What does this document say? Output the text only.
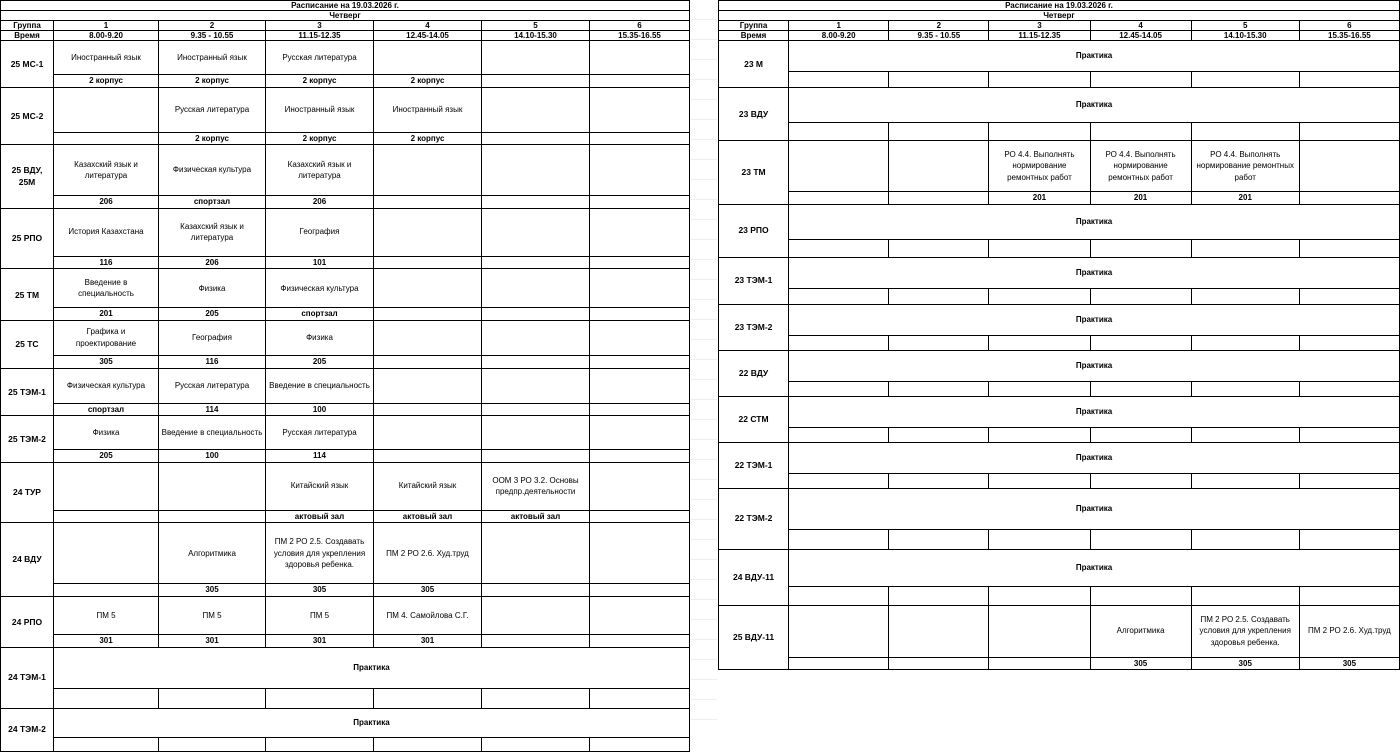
Расписание на 19.03.2026 г.						
Четверг						
Группа	1	2	3	4	5	6
Время	8.00-9.20	9.35 - 10.55	11.15-12.35	12.45-14.05	14.10-15.30	15.35-16.55
25 МС-1	Иностранный язык	Иностранный язык	Русская литература			
	2 корпус	2 корпус	2 корпус	2 корпус		
25 МС-2		Русская литература	Иностранный язык	Иностранный язык		
		2 корпус	2 корпус	2 корпус		
25 ВДУ, 25М	Казахский язык и литература	Физическая культура	Казахский язык и литература			
	206	спортзал	206			
25 РПО	История Казахстана	Казахский язык и литература	География			
	116	206	101			
25 ТМ	Введение в специальность	Физика	Физическая культура			
	201	205	спортзал			
25 ТС	Графика и проектирование	География	Физика			
	305	116	205			
25 ТЭМ-1	Физическая культура	Русская литература	Введение в специальность			
	спортзал	114	100			
25 ТЭМ-2	Физика	Введение в специальность	Русская литература			
	205	100	114			
24 ТУР			Китайский язык	Китайский язык	ООМ 3 РО 3.2. Основы предпр.деятельности	
			актовый зал	актовый зал	актовый зал	
24 ВДУ		Алгоритмика	ПМ 2 РО 2.5. Создавать условия для укрепления здоровья ребенка.	ПМ 2 РО 2.6. Худ.труд		
		305	305	305		
24 РПО	ПМ 5	ПМ 5	ПМ 5	ПМ 4. Самойлова С.Г.		
	301	301	301	301		
24 ТЭМ-1	Практика					

24 ТЭМ-2	Практика					

Расписание на 19.03.2026 г.						
Четверг						
Группа	1	2	3	4	5	6
Время	8.00-9.20	9.35 - 10.55	11.15-12.35	12.45-14.05	14.10-15.30	15.35-16.55
23 М	Практика					

23 ВДУ	Практика					

23 ТМ			РО 4.4. Выполнять нормирование ремонтных работ	РО 4.4. Выполнять нормирование ремонтных работ	РО 4.4. Выполнять нормирование ремонтных работ	
			201	201	201	
23 РПО	Практика					

23 ТЭМ-1	Практика					

23 ТЭМ-2	Практика					

22 ВДУ	Практика					

22 СТМ	Практика					

22 ТЭМ-1	Практика					

22 ТЭМ-2	Практика					

24 ВДУ-11	Практика					

25 ВДУ-11				Алгоритмика	ПМ 2 РО 2.5. Создавать условия для укрепления здоровья ребенка.	ПМ 2 РО 2.6. Худ.труд
				305	305	305
